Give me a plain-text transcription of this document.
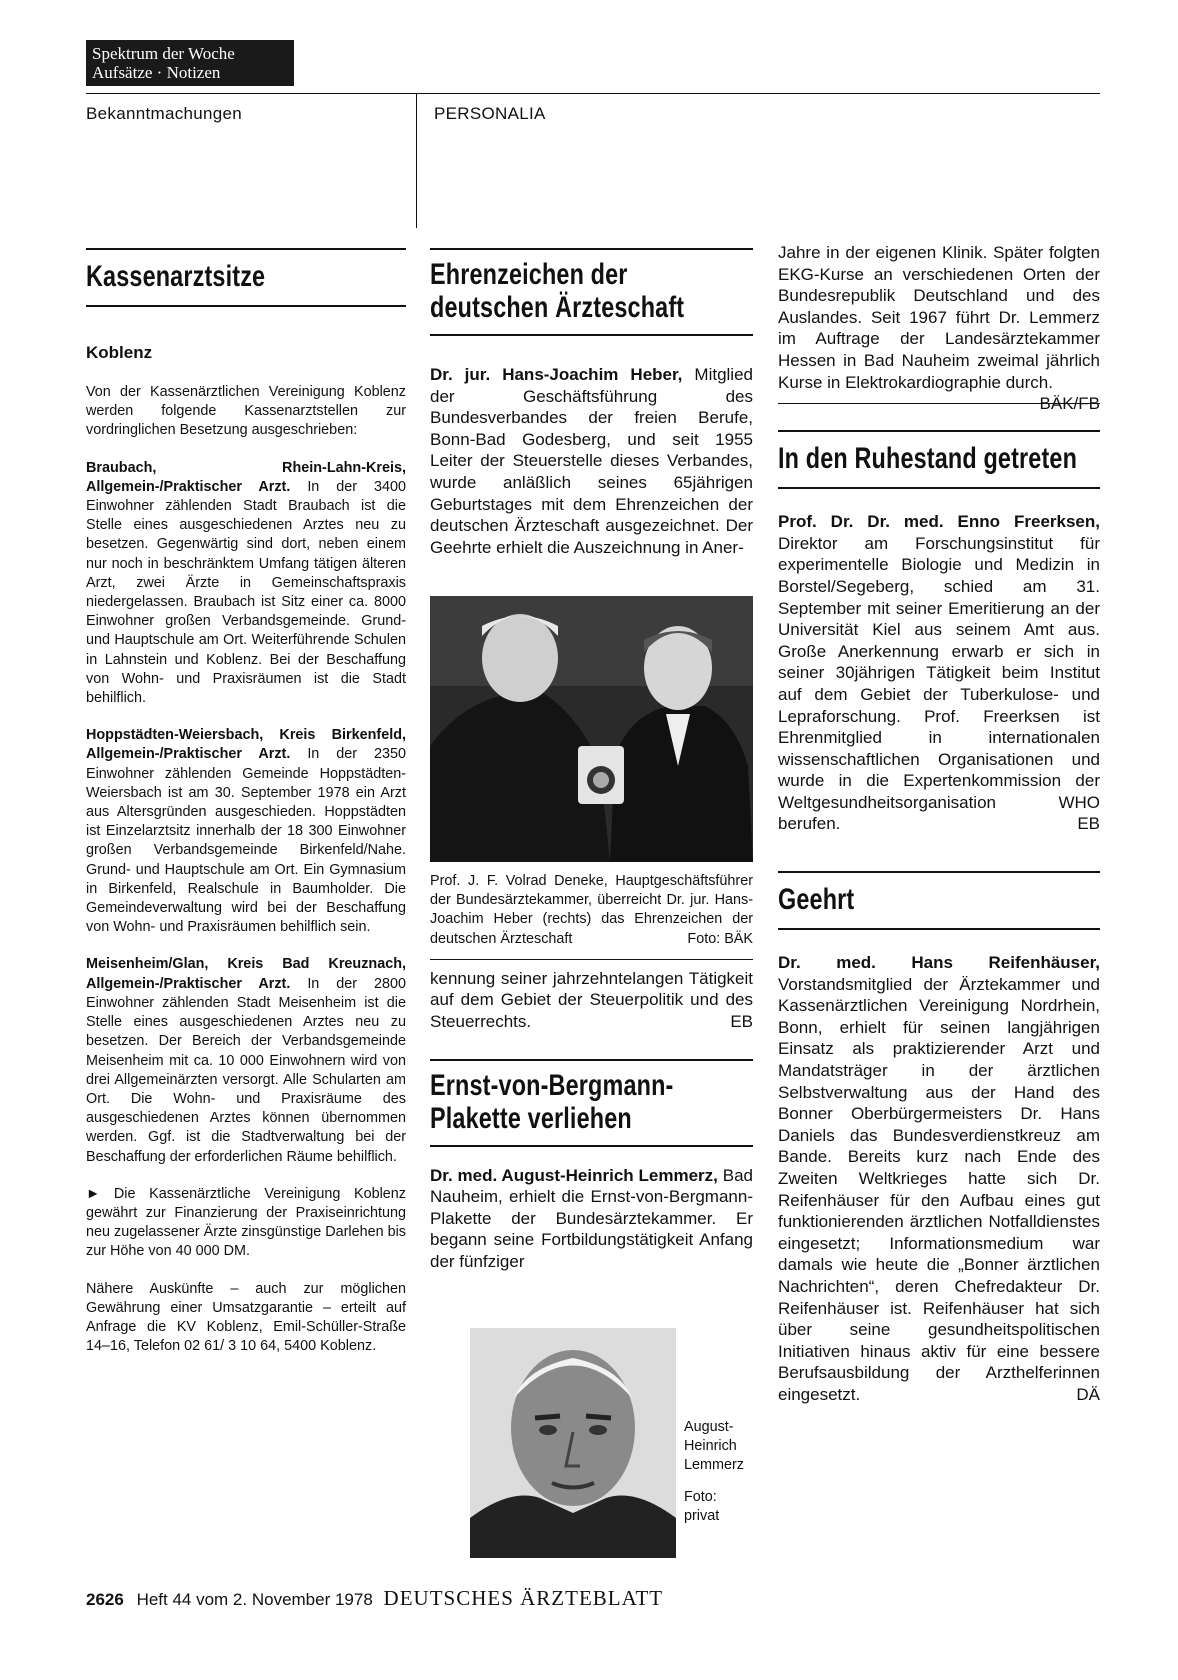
Spektrum der Woche
Aufsätze · Notizen
Bekanntmachungen	PERSONALIA
Kassenarztsitze
Koblenz

Von der Kassenärztlichen Vereinigung Koblenz werden folgende Kassenarztstellen zur vordringlichen Besetzung ausgeschrieben:

Braubach, Rhein-Lahn-Kreis, Allgemein-/Praktischer Arzt. In der 3400 Einwohner zählenden Stadt Braubach ist die Stelle eines ausgeschiedenen Arztes neu zu besetzen. Gegenwärtig sind dort, neben einem nur noch in beschränktem Umfang tätigen älteren Arzt, zwei Ärzte in Gemeinschaftspraxis niedergelassen. Braubach ist Sitz einer ca. 8000 Einwohner großen Verbandsgemeinde. Grund- und Hauptschule am Ort. Weiterführende Schulen in Lahnstein und Koblenz. Bei der Beschaffung von Wohn- und Praxisräumen ist die Stadt behilflich.

Hoppstädten-Weiersbach, Kreis Birkenfeld, Allgemein-/Praktischer Arzt. In der 2350 Einwohner zählenden Gemeinde Hoppstädten-Weiersbach ist am 30. September 1978 ein Arzt aus Altersgründen ausgeschieden. Hoppstädten ist Einzelarztsitz innerhalb der 18 300 Einwohner großen Verbandsgemeinde Birkenfeld/Nahe. Grund- und Hauptschule am Ort. Ein Gymnasium in Birkenfeld, Realschule in Baumholder. Die Gemeindeverwaltung wird bei der Beschaffung von Wohn- und Praxisräumen behilflich sein.

Meisenheim/Glan, Kreis Bad Kreuznach, Allgemein-/Praktischer Arzt. In der 2800 Einwohner zählenden Stadt Meisenheim ist die Stelle eines ausgeschiedenen Arztes neu zu besetzen. Der Bereich der Verbandsgemeinde Meisenheim mit ca. 10 000 Einwohnern wird von drei Allgemeinärzten versorgt. Alle Schularten am Ort. Die Wohn- und Praxisräume des ausgeschiedenen Arztes können übernommen werden. Ggf. ist die Stadtverwaltung bei der Beschaffung der erforderlichen Räume behilflich.

► Die Kassenärztliche Vereinigung Koblenz gewährt zur Finanzierung der Praxiseinrichtung neu zugelassener Ärzte zinsgünstige Darlehen bis zur Höhe von 40 000 DM.

Nähere Auskünfte – auch zur möglichen Gewährung einer Umsatzgarantie – erteilt auf Anfrage die KV Koblenz, Emil-Schüller-Straße 14–16, Telefon 02 61/ 3 10 64, 5400 Koblenz.

Ehrenzeichen der
deutschen Ärzteschaft
Dr. jur. Hans-Joachim Heber, Mitglied der Geschäftsführung des Bundesverbandes der freien Berufe, Bonn-Bad Godesberg, und seit 1955 Leiter der Steuerstelle dieses Verbandes, wurde anläßlich seines 65jährigen Geburtstages mit dem Ehrenzeichen der deutschen Ärzteschaft ausgezeichnet. Der Geehrte erhielt die Auszeichnung in Aner-
Prof. J. F. Volrad Deneke, Hauptgeschäftsführer der Bundesärztekammer, überreicht Dr. jur. Hans-Joachim Heber (rechts) das Ehrenzeichen der deutschen Ärzteschaft	Foto: BÄK
kennung seiner jahrzehntelangen Tätigkeit auf dem Gebiet der Steuerpolitik und des Steuerrechts.	EB
Ernst-von-Bergmann-
Plakette verliehen
Dr. med. August-Heinrich Lemmerz, Bad Nauheim, erhielt die Ernst-von-Bergmann-Plakette der Bundesärztekammer. Er begann seine Fortbildungstätigkeit Anfang der fünfziger
August-
Heinrich
Lemmerz
Foto:
privat
Jahre in der eigenen Klinik. Später folgten EKG-Kurse an verschiedenen Orten der Bundesrepublik Deutschland und des Auslandes. Seit 1967 führt Dr. Lemmerz im Auftrage der Landesärztekammer Hessen in Bad Nauheim zweimal jährlich Kurse in Elektrokardiographie durch.
BÄK/FB
In den Ruhestand getreten
Prof. Dr. Dr. med. Enno Freerksen, Direktor am Forschungsinstitut für experimentelle Biologie und Medizin in Borstel/Segeberg, schied am 31. September mit seiner Emeritierung an der Universität Kiel aus seinem Amt aus. Große Anerkennung erwarb er sich in seiner 30jährigen Tätigkeit beim Institut auf dem Gebiet der Tuberkulose- und Lepraforschung. Prof. Freerksen ist Ehrenmitglied in internationalen wissenschaftlichen Organisationen und wurde in die Expertenkommission der Weltgesundheitsorganisation WHO berufen.	EB
Geehrt
Dr. med. Hans Reifenhäuser, Vorstandsmitglied der Ärztekammer und Kassenärztlichen Vereinigung Nordrhein, Bonn, erhielt für seinen langjährigen Einsatz als praktizierender Arzt und Mandatsträger in der ärztlichen Selbstverwaltung aus der Hand des Bonner Oberbürgermeisters Dr. Hans Daniels das Bundesverdienstkreuz am Bande. Bereits kurz nach Ende des Zweiten Weltkrieges hatte sich Dr. Reifenhäuser für den Aufbau eines gut funktionierenden ärztlichen Notfalldienstes eingesetzt; Informationsmedium war damals wie heute die „Bonner ärztlichen Nachrichten“, deren Chefredakteur Dr. Reifenhäuser ist. Reifenhäuser hat sich über seine gesundheitspolitischen Initiativen hinaus aktiv für eine bessere Berufsausbildung der Arzthelferinnen eingesetzt.	DÄ
2626 Heft 44 vom 2. November 1978 DEUTSCHES ÄRZTEBLATT
